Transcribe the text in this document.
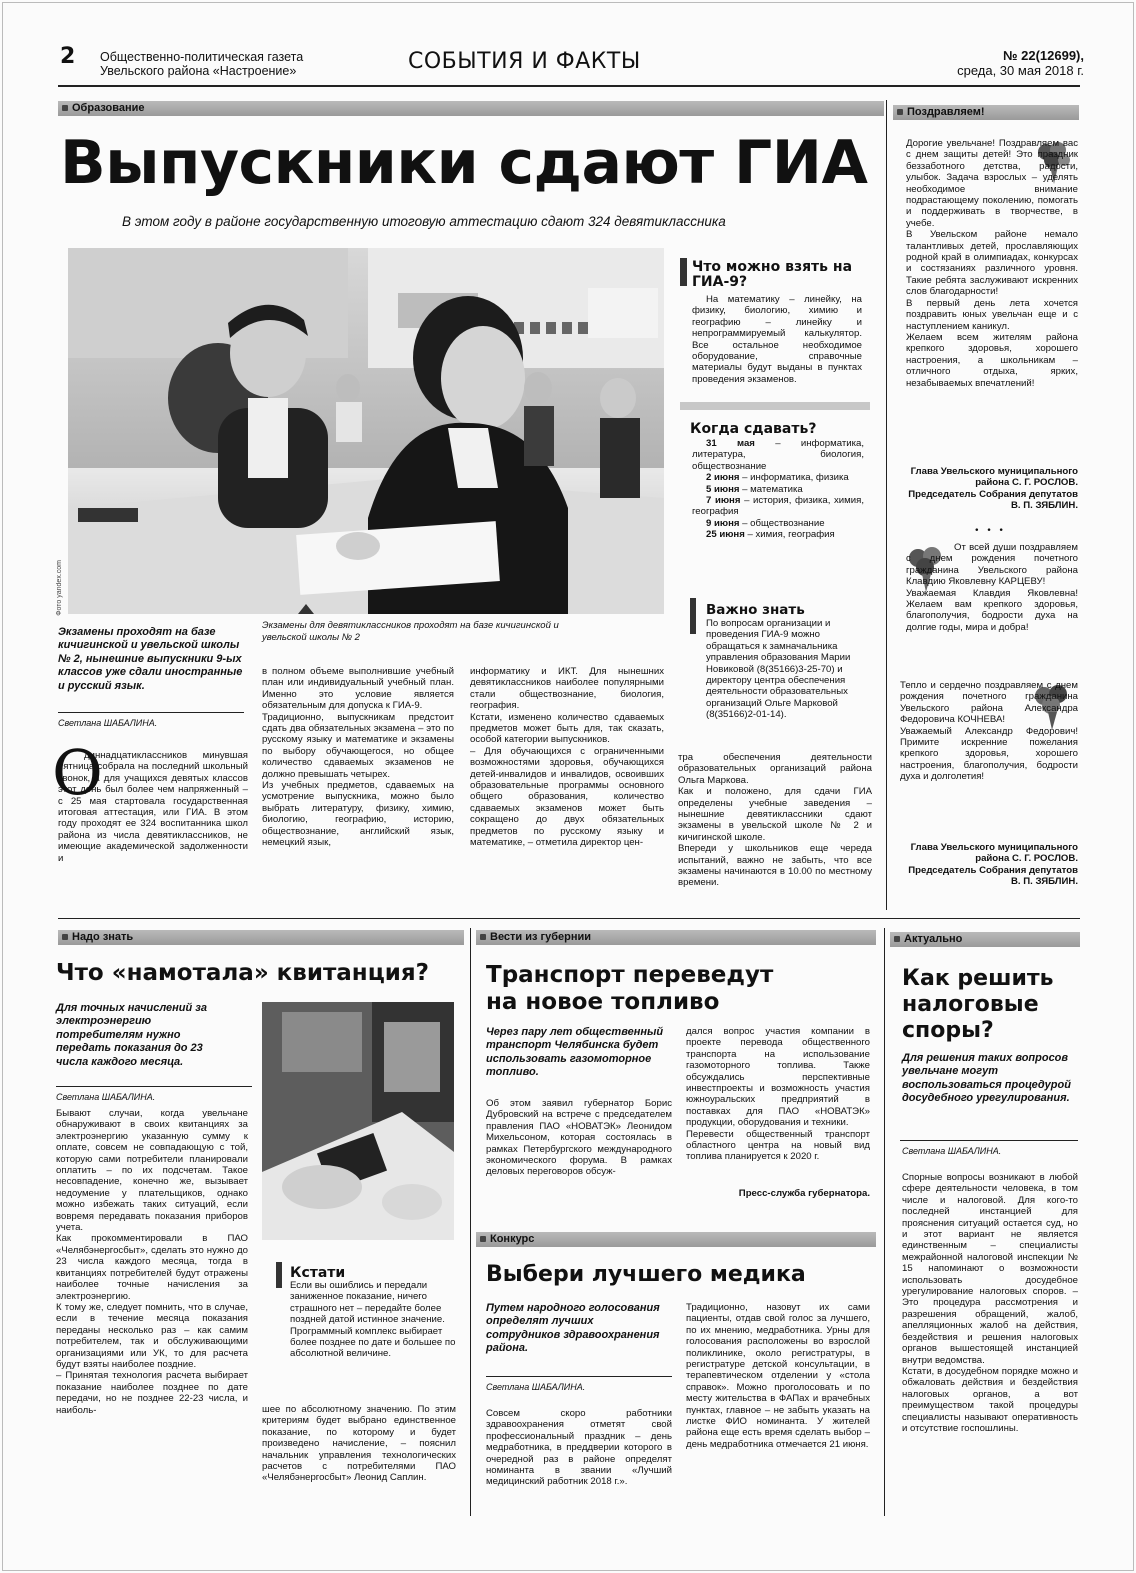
2 Общественно-политическая газета
Увельского района «Настроение»	СОБЫТИЯ И ФАКТЫ	№ 22(12699),
среда, 30 мая 2018 г.
Образование
Выпускники сдают ГИА
В этом году в районе государственную итоговую аттестацию сдают 324 девятиклассника
Фото yandex.com
Что можно взять на ГИА-9?
На математику – линейку, на физику, биологию, химию и географию – линейку и непрограммируемый калькулятор. Все остальное необходимое оборудование, справочные материалы будут выданы в пунктах проведения экзаменов.
Когда сдавать?
31 мая – информатика, литература, биология, обществознание
2 июня – информатика, физика
5 июня – математика
7 июня – история, физика, химия, география
9 июня – обществознание
25 июня – химия, география
Важно знать
По вопросам организации и проведения ГИА-9 можно обращаться к замначальника управления образования Марии Новиковой (8(35166)3-25-70) и директору центра обеспечения деятельности образовательных организаций Ольге Марковой (8(35166)2-01-14).
Экзамены для девятиклассников проходят на базе кичигинской и увельской школы № 2
Экзамены проходят на базе кичигинской и увельской школы № 2, нынешние выпускники 9-ых классов уже сдали иностранные и русский язык.
Светлана ШАБАЛИНА.
О
диннадцатиклассников минувшая пятница собрала на последний школьный звонок, а для учащихся девятых классов этот день был более чем напряженный – с 25 мая стартовала государственная итоговая аттестация, или ГИА. В этом году проходят ее 324 воспитанника школ района из числа девятиклассников, не имеющие академической задолженности и
в полном объеме выполнившие учебный план или индивидуальный учебный план. Именно это условие является обязательным для допуска к ГИА-9.
Традиционно, выпускникам предстоит сдать два обязательных экзамена – это по русскому языку и математике и экзамены по выбору обучающегося, но общее количество сдаваемых экзаменов не должно превышать четырех.
Из учебных предметов, сдаваемых на усмотрение выпускника, можно было выбрать литературу, физику, химию, биологию, географию, историю, обществознание, английский язык, немецкий язык,
информатику и ИКТ. Для нынешних девятиклассников наиболее популярными стали обществознание, биология, география.
Кстати, изменено количество сдаваемых предметов может быть для, так сказать, особой категории выпускников.
– Для обучающихся с ограниченными возможностями здоровья, обучающихся детей-инвалидов и инвалидов, освоивших образовательные программы основного общего образования, количество сдаваемых экзаменов может быть сокращено до двух обязательных предметов по русскому языку и математике, – отметила директор цен-
тра обеспечения деятельности образовательных организаций района Ольга Маркова.
Как и положено, для сдачи ГИА определены учебные заведения – нынешние девятиклассники сдают экзамены в увельской школе № 2 и кичигинской школе.
Впереди у школьников еще череда испытаний, важно не забыть, что все экзамены начинаются в 10.00 по местному времени.
Поздравляем!
Дорогие увельчане! Поздравляем вас с днем защиты детей! Это праздник беззаботного детства, радости, улыбок. Задача взрослых – уделять необходимое внимание подрастающему поколению, помогать и поддерживать в творчестве, в учебе.
В Увельском районе немало талантливых детей, прославляющих родной край в олимпиадах, конкурсах и состязаниях различного уровня. Такие ребята заслуживают искренних слов благодарности!
В первый день лета хочется поздравить юных увельчан еще и с наступлением каникул.
Желаем всем жителям района крепкого здоровья, хорошего настроения, а школьникам – отличного отдыха, ярких, незабываемых впечатлений!
Глава Увельского муниципального района С. Г. РОСЛОВ.
Председатель Собрания депутатов В. П. ЗЯБЛИН.
• • •
От всей души поздравляем с днем рождения почетного гражданина Увельского района Клавдию Яковлевну КАРЦЕВУ!
Уважаемая Клавдия Яковлевна! Желаем вам крепкого здоровья, благополучия, бодрости духа на долгие годы, мира и добра!
Тепло и сердечно поздравляем с днем рождения почетного гражданина Увельского района Александра Федоровича КОЧНЕВА!
Уважаемый Александр Федорович! Примите искренние пожелания крепкого здоровья, хорошего настроения, благополучия, бодрости духа и долголетия!
Глава Увельского муниципального района С. Г. РОСЛОВ.
Председатель Собрания депутатов В. П. ЗЯБЛИН.
Надо знать
Что «намотала» квитанция?
Для точных начислений за электроэнергию потребителям нужно передать показания до 23 числа каждого месяца.
Светлана ШАБАЛИНА.
Бывают случаи, когда увельчане обнаруживают в своих квитанциях за электроэнергию указанную сумму к оплате, совсем не совпадающую с той, которую сами потребители планировали оплатить – по их подсчетам. Такое несовпадение, конечно же, вызывает недоумение у плательщиков, однако можно избежать таких ситуаций, если вовремя передавать показания приборов учета.
Как прокомментировали в ПАО «Челябэнергосбыт», сделать это нужно до 23 числа каждого месяца, тогда в квитанциях потребителей будут отражены наиболее точные начисления за электроэнергию.
К тому же, следует помнить, что в случае, если в течение месяца показания переданы несколько раз – как самим потребителем, так и обслуживающими организациями или УК, то для расчета будут взяты наиболее поздние.
– Принятая технология расчета выбирает показание наиболее позднее по дате передачи, но не позднее 22-23 числа, и наиболь-
Кстати
Если вы ошиблись и передали заниженное показание, ничего страшного нет – передайте более поздней датой истинное значение. Программный комплекс выбирает более позднее по дате и большее по абсолютной величине.
шее по абсолютному значению. По этим критериям будет выбрано единственное показание, по которому и будет произведено начисление, – пояснил начальник управления технологических расчетов с потребителями ПАО «Челябэнергосбыт» Леонид Саплин.
Вести из губернии
Транспорт переведут на новое топливо
Через пару лет общественный транспорт Челябинска будет использовать газомоторное топливо.
Об этом заявил губернатор Борис Дубровский на встрече с председателем правления ПАО «НОВАТЭК» Леонидом Михельсоном, которая состоялась в рамках Петербургского международного экономического форума. В рамках деловых переговоров обсуж-
дался вопрос участия компании в проекте перевода общественного транспорта на использование газомоторного топлива. Также обсуждались перспективные инвестпроекты и возможность участия южноуральских предприятий в поставках для ПАО «НОВАТЭК» продукции, оборудования и техники.
Перевести общественный транспорт областного центра на новый вид топлива планируется к 2020 г.
Пресс-служба губернатора.
Конкурс
Выбери лучшего медика
Путем народного голосования определят лучших сотрудников здравоохранения района.
Светлана ШАБАЛИНА.
Совсем скоро работники здравоохранения отметят свой профессиональный праздник – день медработника, в преддверии которого в очередной раз в районе определят номинанта в звании «Лучший медицинский работник 2018 г.».
Традиционно, назовут их сами пациенты, отдав свой голос за лучшего, по их мнению, медработника. Урны для голосования расположены во взрослой поликлинике, около регистратуры, в регистратуре детской консультации, в терапевтическом отделении у «стола справок». Можно проголосовать и по месту жительства в ФАПах и врачебных пунктах, главное – не забыть указать на листке ФИО номинанта. У жителей района еще есть время сделать выбор – день медработника отмечается 21 июня.
Актуально
Как решить налоговые споры?
Для решения таких вопросов увельчане могут воспользоваться процедурой досудебного урегулирования.
Светлана ШАБАЛИНА.
Спорные вопросы возникают в любой сфере деятельности человека, в том числе и налоговой. Для кого-то последней инстанцией для прояснения ситуаций остается суд, но и этот вариант не является единственным – специалисты межрайонной налоговой инспекции № 15 напоминают о возможности использовать досудебное урегулирование налоговых споров. – Это процедура рассмотрения и разрешения обращений, жалоб, апелляционных жалоб на действия, бездействия и решения налоговых органов вышестоящей инстанцией внутри ведомства.
Кстати, в досудебном порядке можно и обжаловать действия и бездействия налоговых органов, а вот преимуществом такой процедуры специалисты называют оперативность и отсутствие госпошлины.
